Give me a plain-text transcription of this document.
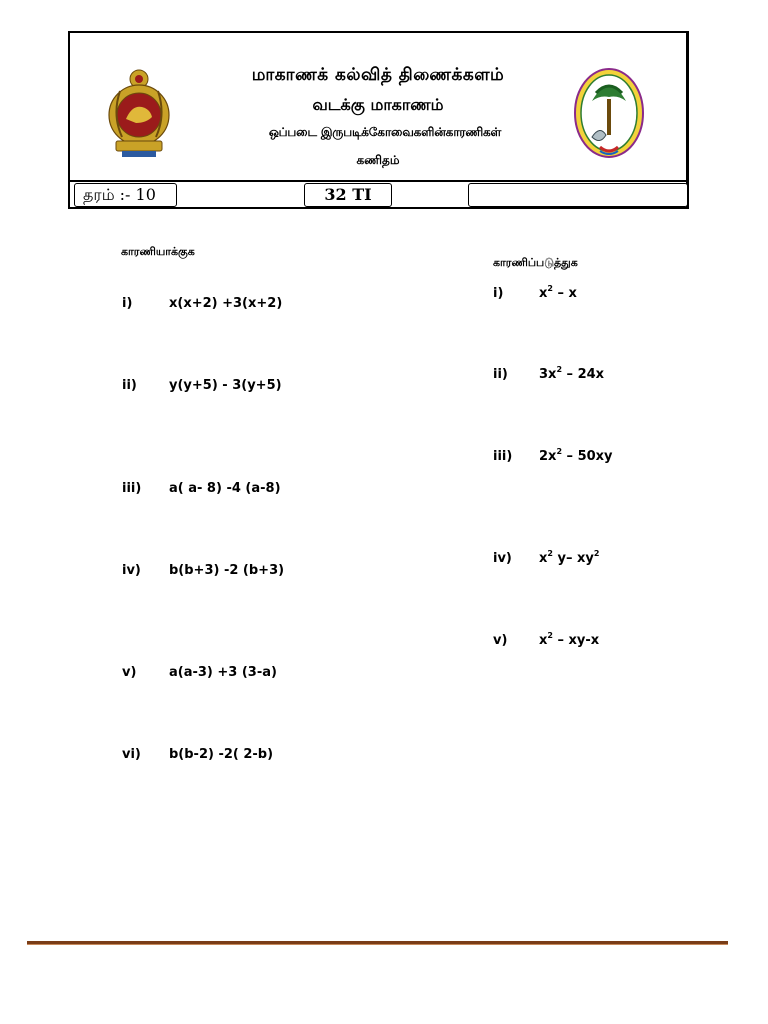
மாகாணக் கல்வித் திணைக்களம்
வடக்கு மாகாணம்
ஒப்படை இருபடிக்கோவைகளின்காரணிகள்
கணிதம்
தரம் :- 10	32 TI
காரணியாக்குக
i)	x(x+2) +3(x+2)
ii) y(y+5) - 3(y+5)
iii) a( a- 8) -4 (a-8)
iv) b(b+3) -2 (b+3)
v)	a(a-3) +3 (3-a)
vi) b(b-2) -2( 2-b)
காரணிப்படுத்துக
i)	$x^2$ – x
ii) $3x^2 - 24x$
iii) $2x^2 - 50xy$
iv) $x^2$ y– $xy^2$
v) $x^2 - xy-x$
